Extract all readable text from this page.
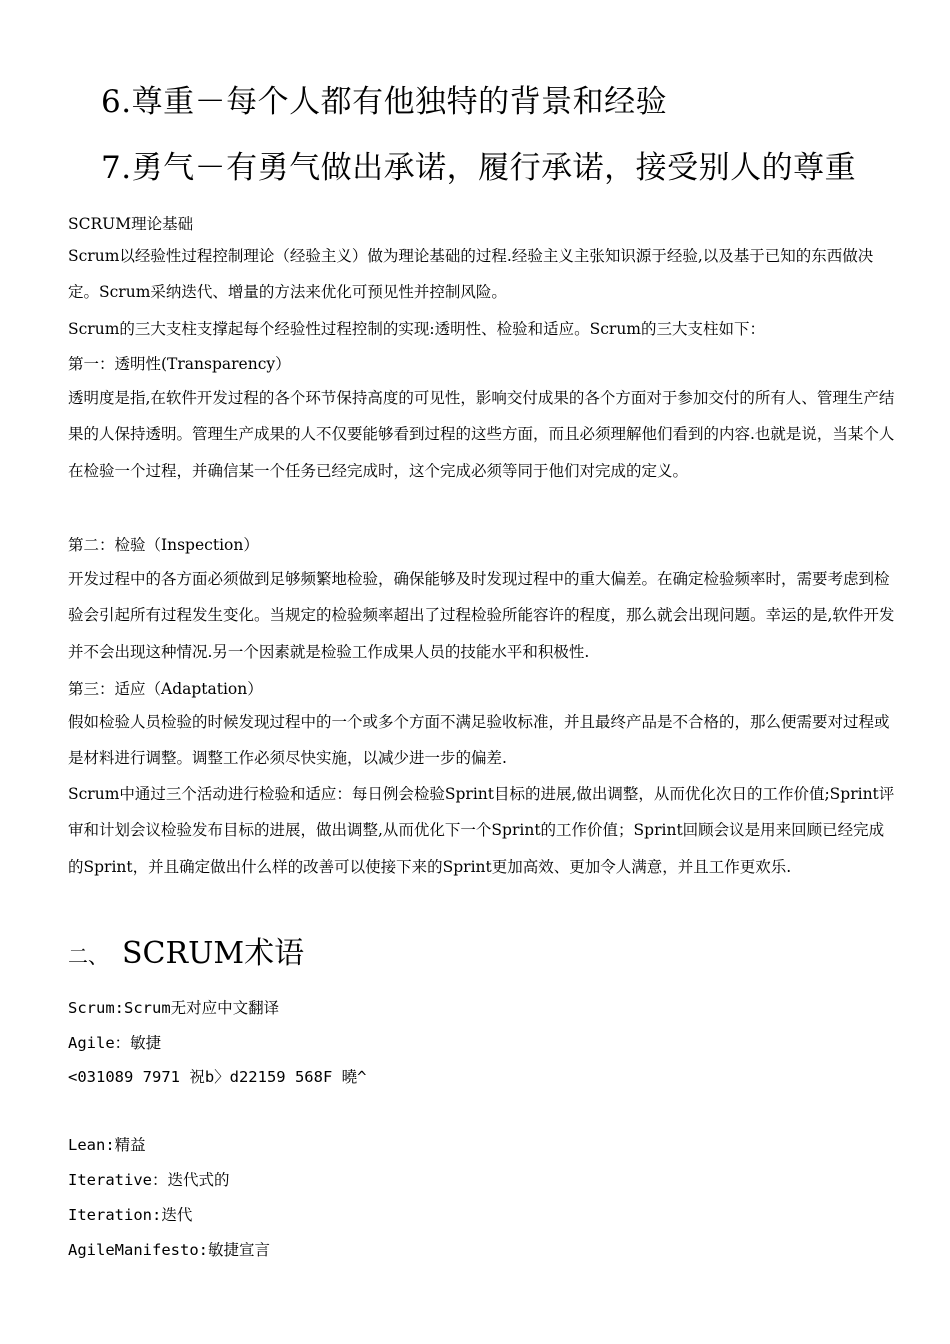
6.尊重－每个人都有他独特的背景和经验
7.勇气－有勇气做出承诺，履行承诺，接受别人的尊重
SCRUM理论基础
Scrum以经验性过程控制理论（经验主义）做为理论基础的过程.经验主义主张知识源于经验,以及基于已知的东西做决定。Scrum采纳迭代、增量的方法来优化可预见性并控制风险。
Scrum的三大支柱支撑起每个经验性过程控制的实现:透明性、检验和适应。Scrum的三大支柱如下：
第一：透明性(Transparency）
透明度是指,在软件开发过程的各个环节保持高度的可见性，影响交付成果的各个方面对于参加交付的所有人、管理生产结果的人保持透明。管理生产成果的人不仅要能够看到过程的这些方面，而且必须理解他们看到的内容.也就是说，当某个人在检验一个过程，并确信某一个任务已经完成时，这个完成必须等同于他们对完成的定义。
第二：检验（Inspection）
开发过程中的各方面必须做到足够频繁地检验，确保能够及时发现过程中的重大偏差。在确定检验频率时，需要考虑到检验会引起所有过程发生变化。当规定的检验频率超出了过程检验所能容许的程度，那么就会出现问题。幸运的是,软件开发并不会出现这种情况.另一个因素就是检验工作成果人员的技能水平和积极性.
第三：适应（Adaptation）
假如检验人员检验的时候发现过程中的一个或多个方面不满足验收标准，并且最终产品是不合格的，那么便需要对过程或是材料进行调整。调整工作必须尽快实施，以减少进一步的偏差.
Scrum中通过三个活动进行检验和适应：每日例会检验Sprint目标的进展,做出调整，从而优化次日的工作价值;Sprint评审和计划会议检验发布目标的进展，做出调整,从而优化下一个Sprint的工作价值；Sprint回顾会议是用来回顾已经完成的Sprint，并且确定做出什么样的改善可以使接下来的Sprint更加高效、更加令人满意，并且工作更欢乐.
二、 SCRUM术语
Scrum:Scrum无对应中文翻译
Agile：敏捷
<031089 7971 祝b〉d22159 568F 曉^
Lean:精益
Iterative：迭代式的
Iteration:迭代
AgileManifesto:敏捷宣言
